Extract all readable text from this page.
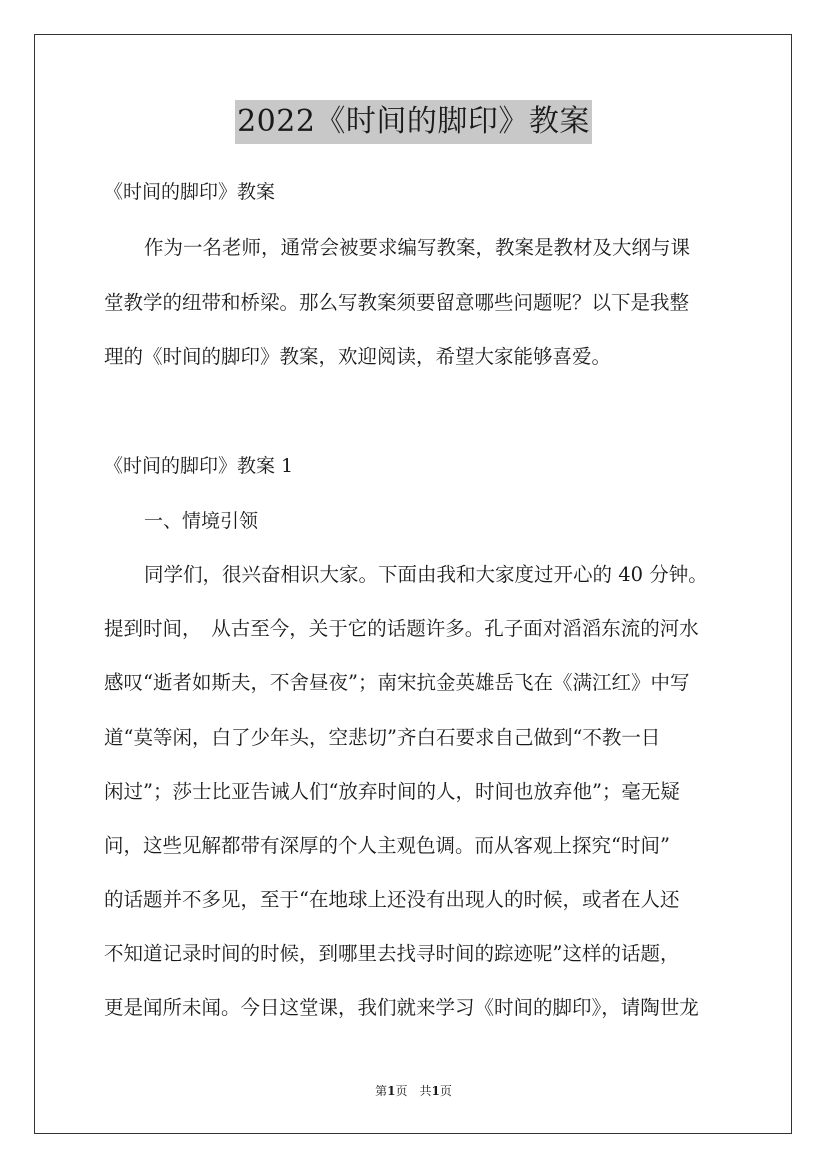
2022《时间的脚印》教案
《时间的脚印》教案
作为一名老师，通常会被要求编写教案，教案是教材及大纲与课
堂教学的纽带和桥梁。那么写教案须要留意哪些问题呢？以下是我整
理的《时间的脚印》教案，欢迎阅读，希望大家能够喜爱。
《时间的脚印》教案 1
一、情境引领
同学们，很兴奋相识大家。下面由我和大家度过开心的 40 分钟。
提到时间，　从古至今，关于它的话题许多。孔子面对滔滔东流的河水
感叹“逝者如斯夫，不舍昼夜”；南宋抗金英雄岳飞在《满江红》中写
道“莫等闲，白了少年头，空悲切”齐白石要求自己做到“不教一日
闲过”；莎士比亚告诫人们“放弃时间的人，时间也放弃他”；毫无疑
问，这些见解都带有深厚的个人主观色调。而从客观上探究“时间”
的话题并不多见，至于“在地球上还没有出现人的时候，或者在人还
不知道记录时间的时候，到哪里去找寻时间的踪迹呢”这样的话题，
更是闻所未闻。今日这堂课，我们就来学习《时间的脚印》，请陶世龙
第1页　共1页
